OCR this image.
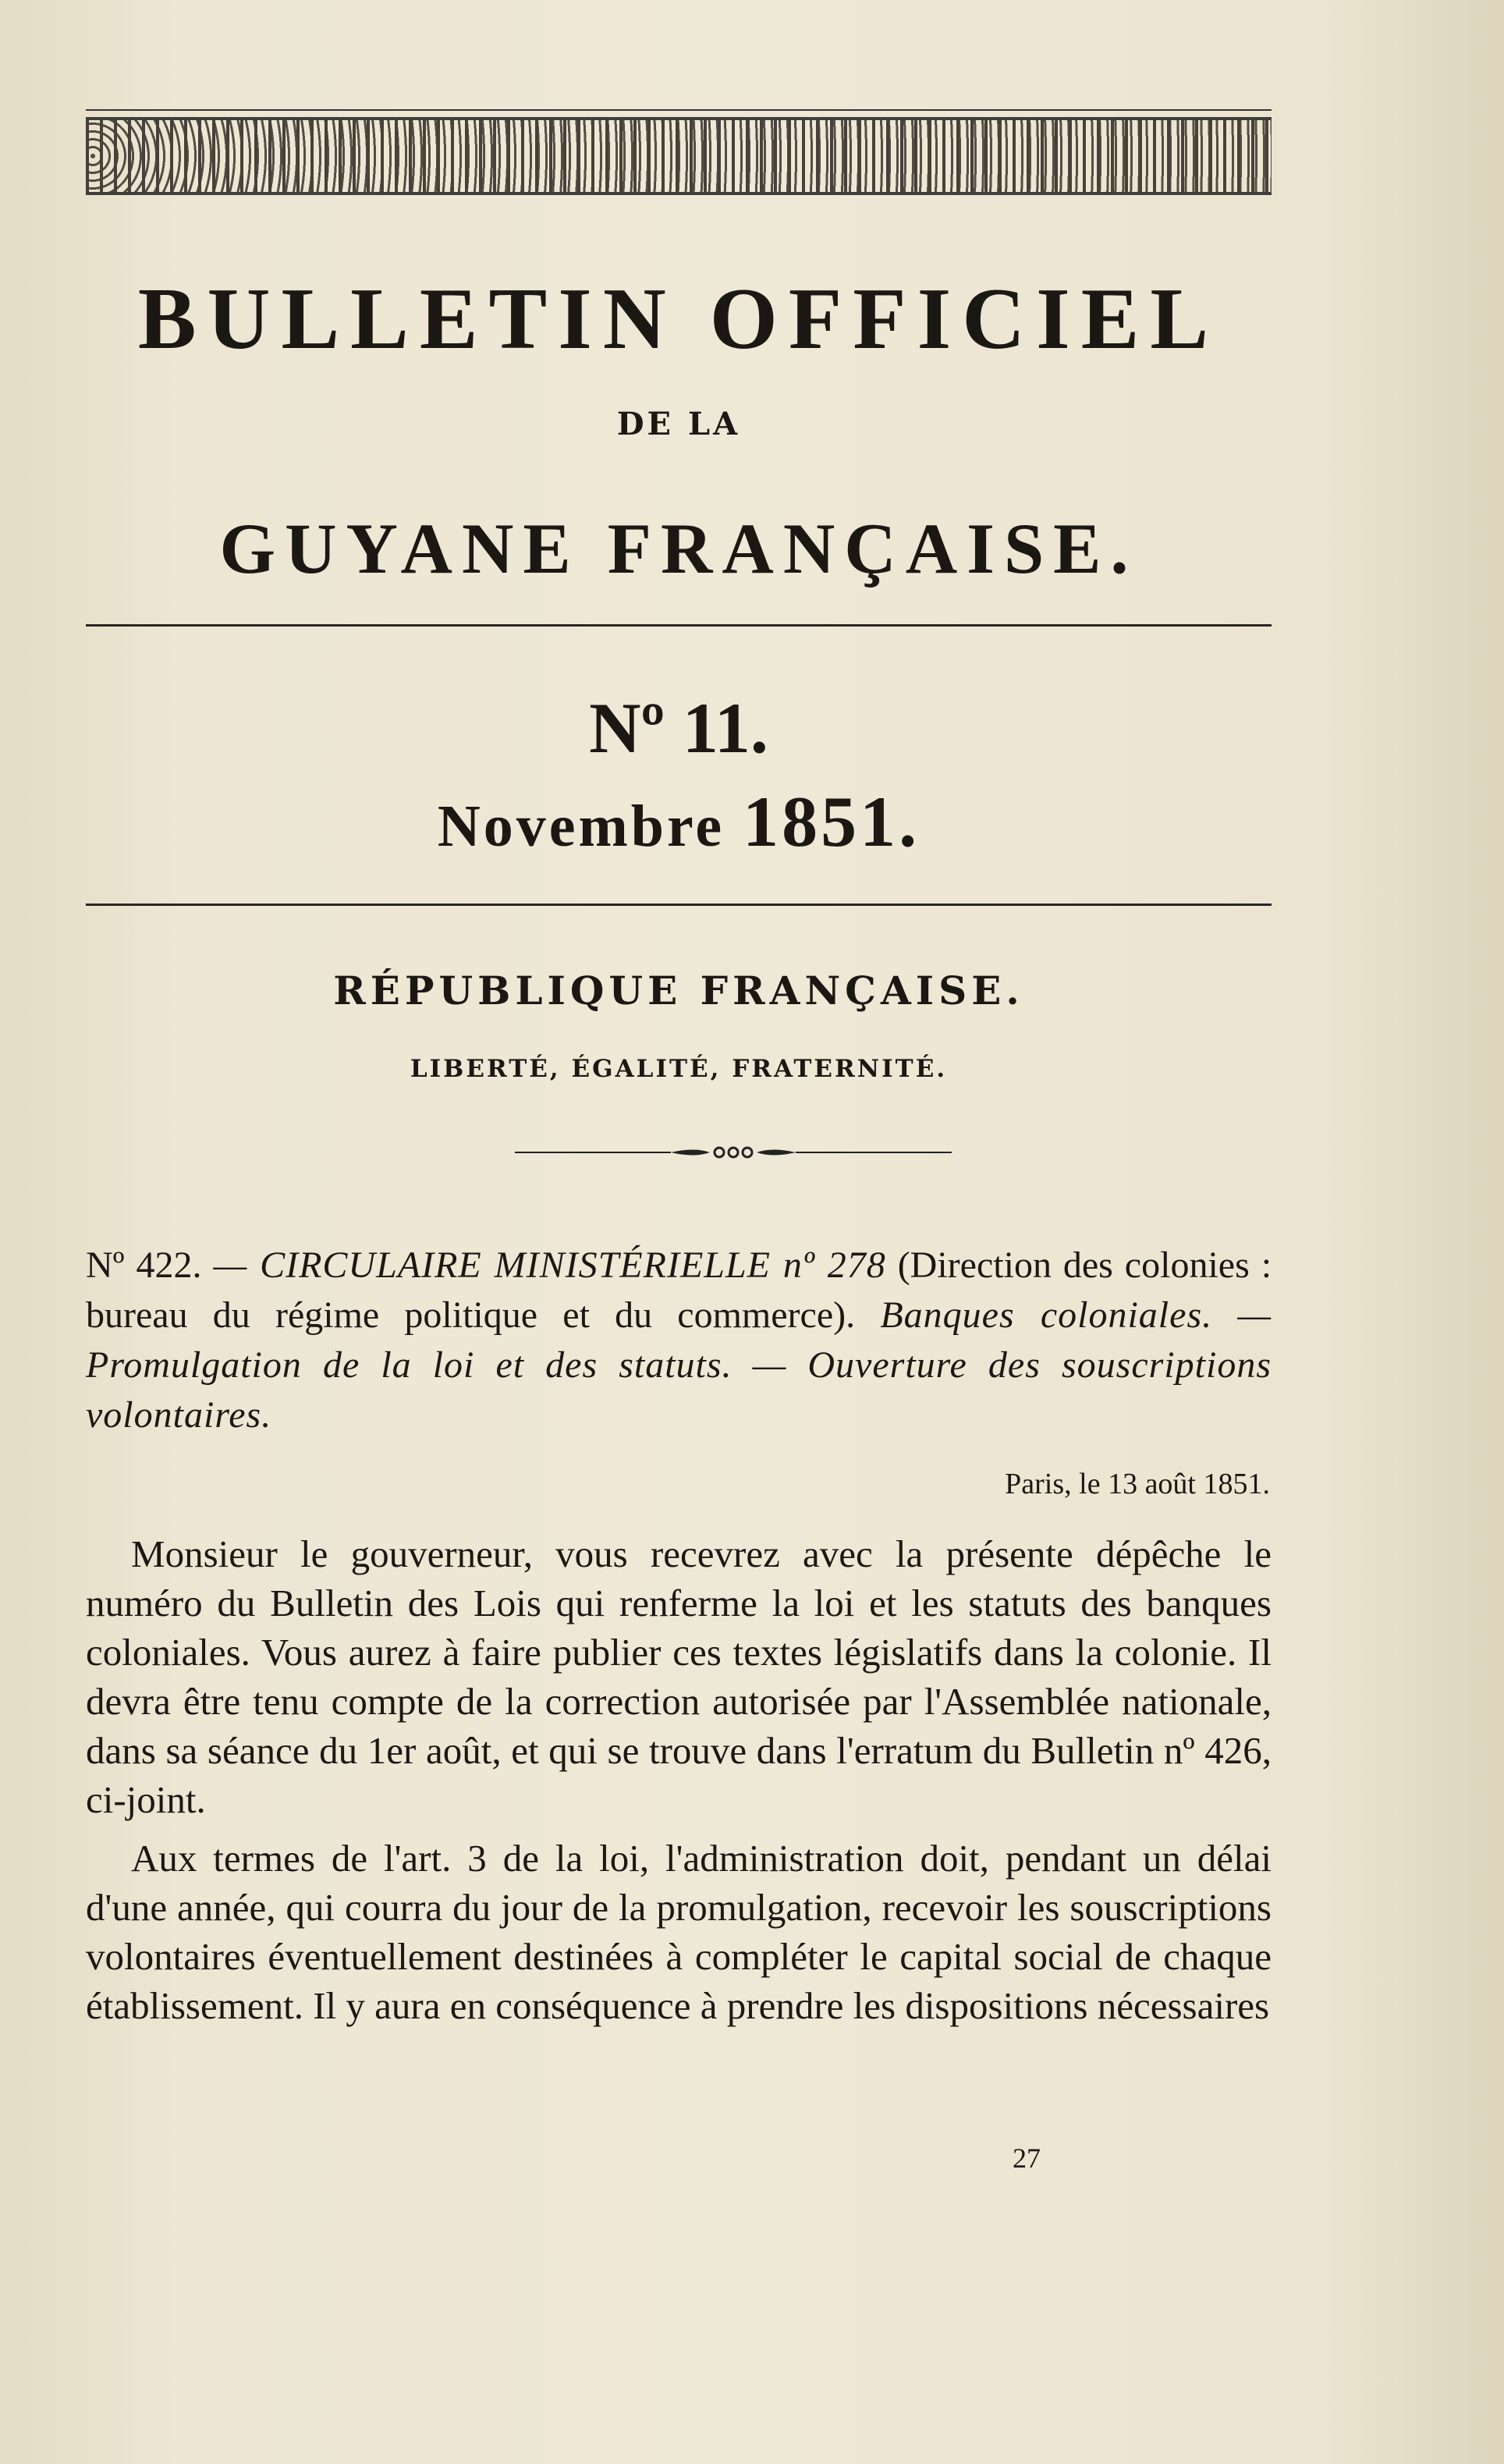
BULLETIN OFFICIEL
DE LA
GUYANE FRANÇAISE.
Nº 11.
Novembre 1851.
RÉPUBLIQUE FRANÇAISE.
LIBERTÉ, ÉGALITÉ, FRATERNITÉ.
Nº 422. — CIRCULAIRE MINISTÉRIELLE nº 278 (Direction des colonies : bureau du régime politique et du commerce). Banques coloniales. — Promulgation de la loi et des statuts. — Ouverture des souscriptions volontaires.
Paris, le 13 août 1851.

Monsieur le gouverneur, vous recevrez avec la présente dépêche le numéro du Bulletin des Lois qui renferme la loi et les statuts des banques coloniales. Vous aurez à faire publier ces textes législatifs dans la colonie. Il devra être tenu compte de la correction autorisée par l'Assemblée nationale, dans sa séance du 1er août, et qui se trouve dans l'erratum du Bulletin nº 426, ci-joint.

Aux termes de l'art. 3 de la loi, l'administration doit, pendant un délai d'une année, qui courra du jour de la promulgation, recevoir les souscriptions volontaires éventuellement destinées à compléter le capital social de chaque établissement. Il y aura en conséquence à prendre les dispositions nécessaires

27
